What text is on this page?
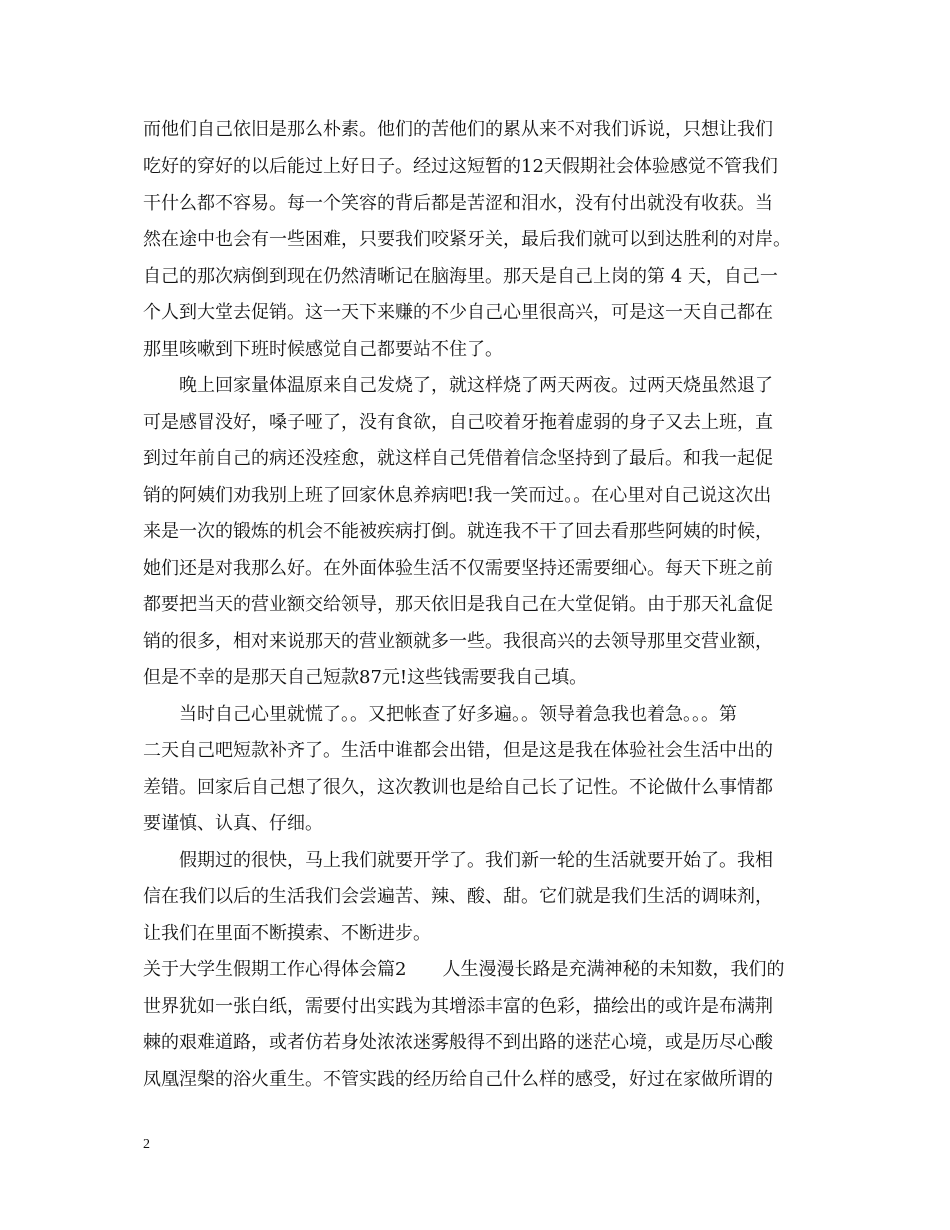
而他们自己依旧是那么朴素。他们的苦他们的累从来不对我们诉说，只想让我们
吃好的穿好的以后能过上好日子。经过这短暂的12天假期社会体验感觉不管我们
干什么都不容易。每一个笑容的背后都是苦涩和泪水，没有付出就没有收获。当
然在途中也会有一些困难，只要我们咬紧牙关，最后我们就可以到达胜利的对岸。
自己的那次病倒到现在仍然清晰记在脑海里。那天是自己上岗的第 4 天，自己一
个人到大堂去促销。这一天下来赚的不少自己心里很高兴，可是这一天自己都在
那里咳嗽到下班时候感觉自己都要站不住了。
晚上回家量体温原来自己发烧了，就这样烧了两天两夜。过两天烧虽然退了
可是感冒没好，嗓子哑了，没有食欲，自己咬着牙拖着虚弱的身子又去上班，直
到过年前自己的病还没痊愈，就这样自己凭借着信念坚持到了最后。和我一起促
销的阿姨们劝我别上班了回家休息养病吧!我一笑而过。。在心里对自己说这次出
来是一次的锻炼的机会不能被疾病打倒。就连我不干了回去看那些阿姨的时候，
她们还是对我那么好。在外面体验生活不仅需要坚持还需要细心。每天下班之前
都要把当天的营业额交给领导，那天依旧是我自己在大堂促销。由于那天礼盒促
销的很多，相对来说那天的营业额就多一些。我很高兴的去领导那里交营业额，
但是不幸的是那天自己短款87元!这些钱需要我自己填。
当时自己心里就慌了。。又把帐查了好多遍。。领导着急我也着急。。。第
二天自己吧短款补齐了。生活中谁都会出错，但是这是我在体验社会生活中出的
差错。回家后自己想了很久，这次教训也是给自己长了记性。不论做什么事情都
要谨慎、认真、仔细。
假期过的很快，马上我们就要开学了。我们新一轮的生活就要开始了。我相
信在我们以后的生活我们会尝遍苦、辣、酸、甜。它们就是我们生活的调味剂，
让我们在里面不断摸索、不断进步。
关于大学生假期工作心得体会篇2　　人生漫漫长路是充满神秘的未知数，我们的
世界犹如一张白纸，需要付出实践为其增添丰富的色彩，描绘出的或许是布满荆
棘的艰难道路，或者仿若身处浓浓迷雾般得不到出路的迷茫心境，或是历尽心酸
凤凰涅槃的浴火重生。不管实践的经历给自己什么样的感受，好过在家做所谓的
2
